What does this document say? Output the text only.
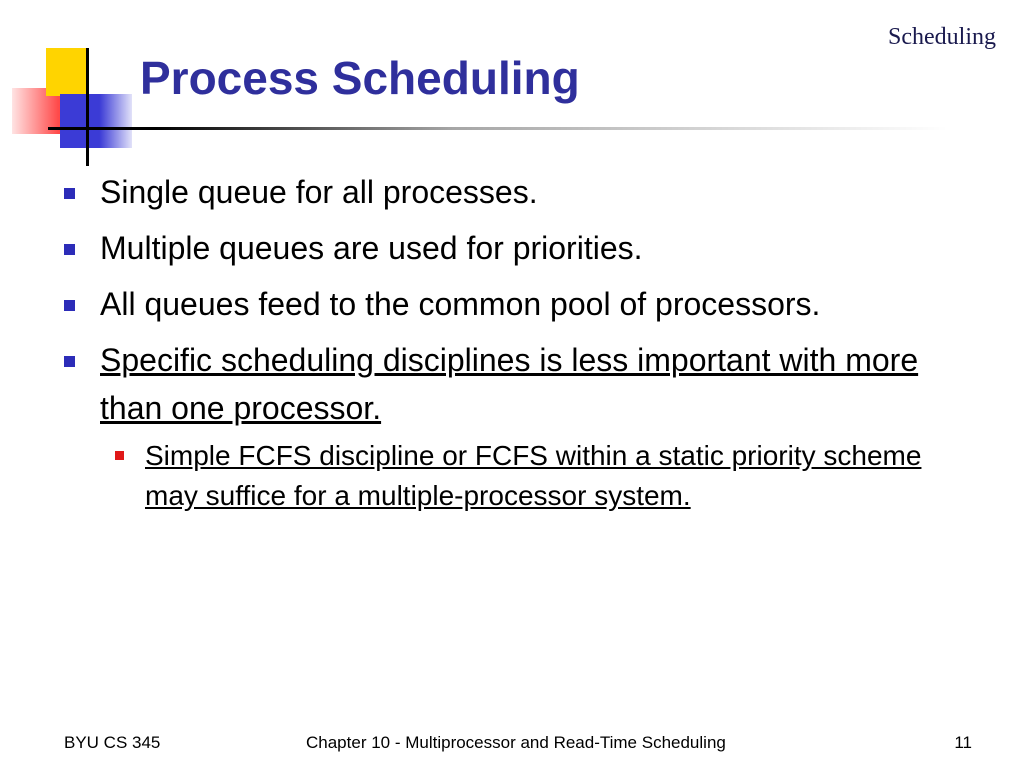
Scheduling
Process Scheduling
Single queue for all processes.
Multiple queues are used for priorities.
All queues feed to the common pool of processors.
Specific scheduling disciplines is less important with more than one processor.
Simple FCFS discipline or FCFS within a static priority scheme may suffice for a multiple-processor system.
BYU CS 345	Chapter 10 - Multiprocessor and Read-Time Scheduling	11
